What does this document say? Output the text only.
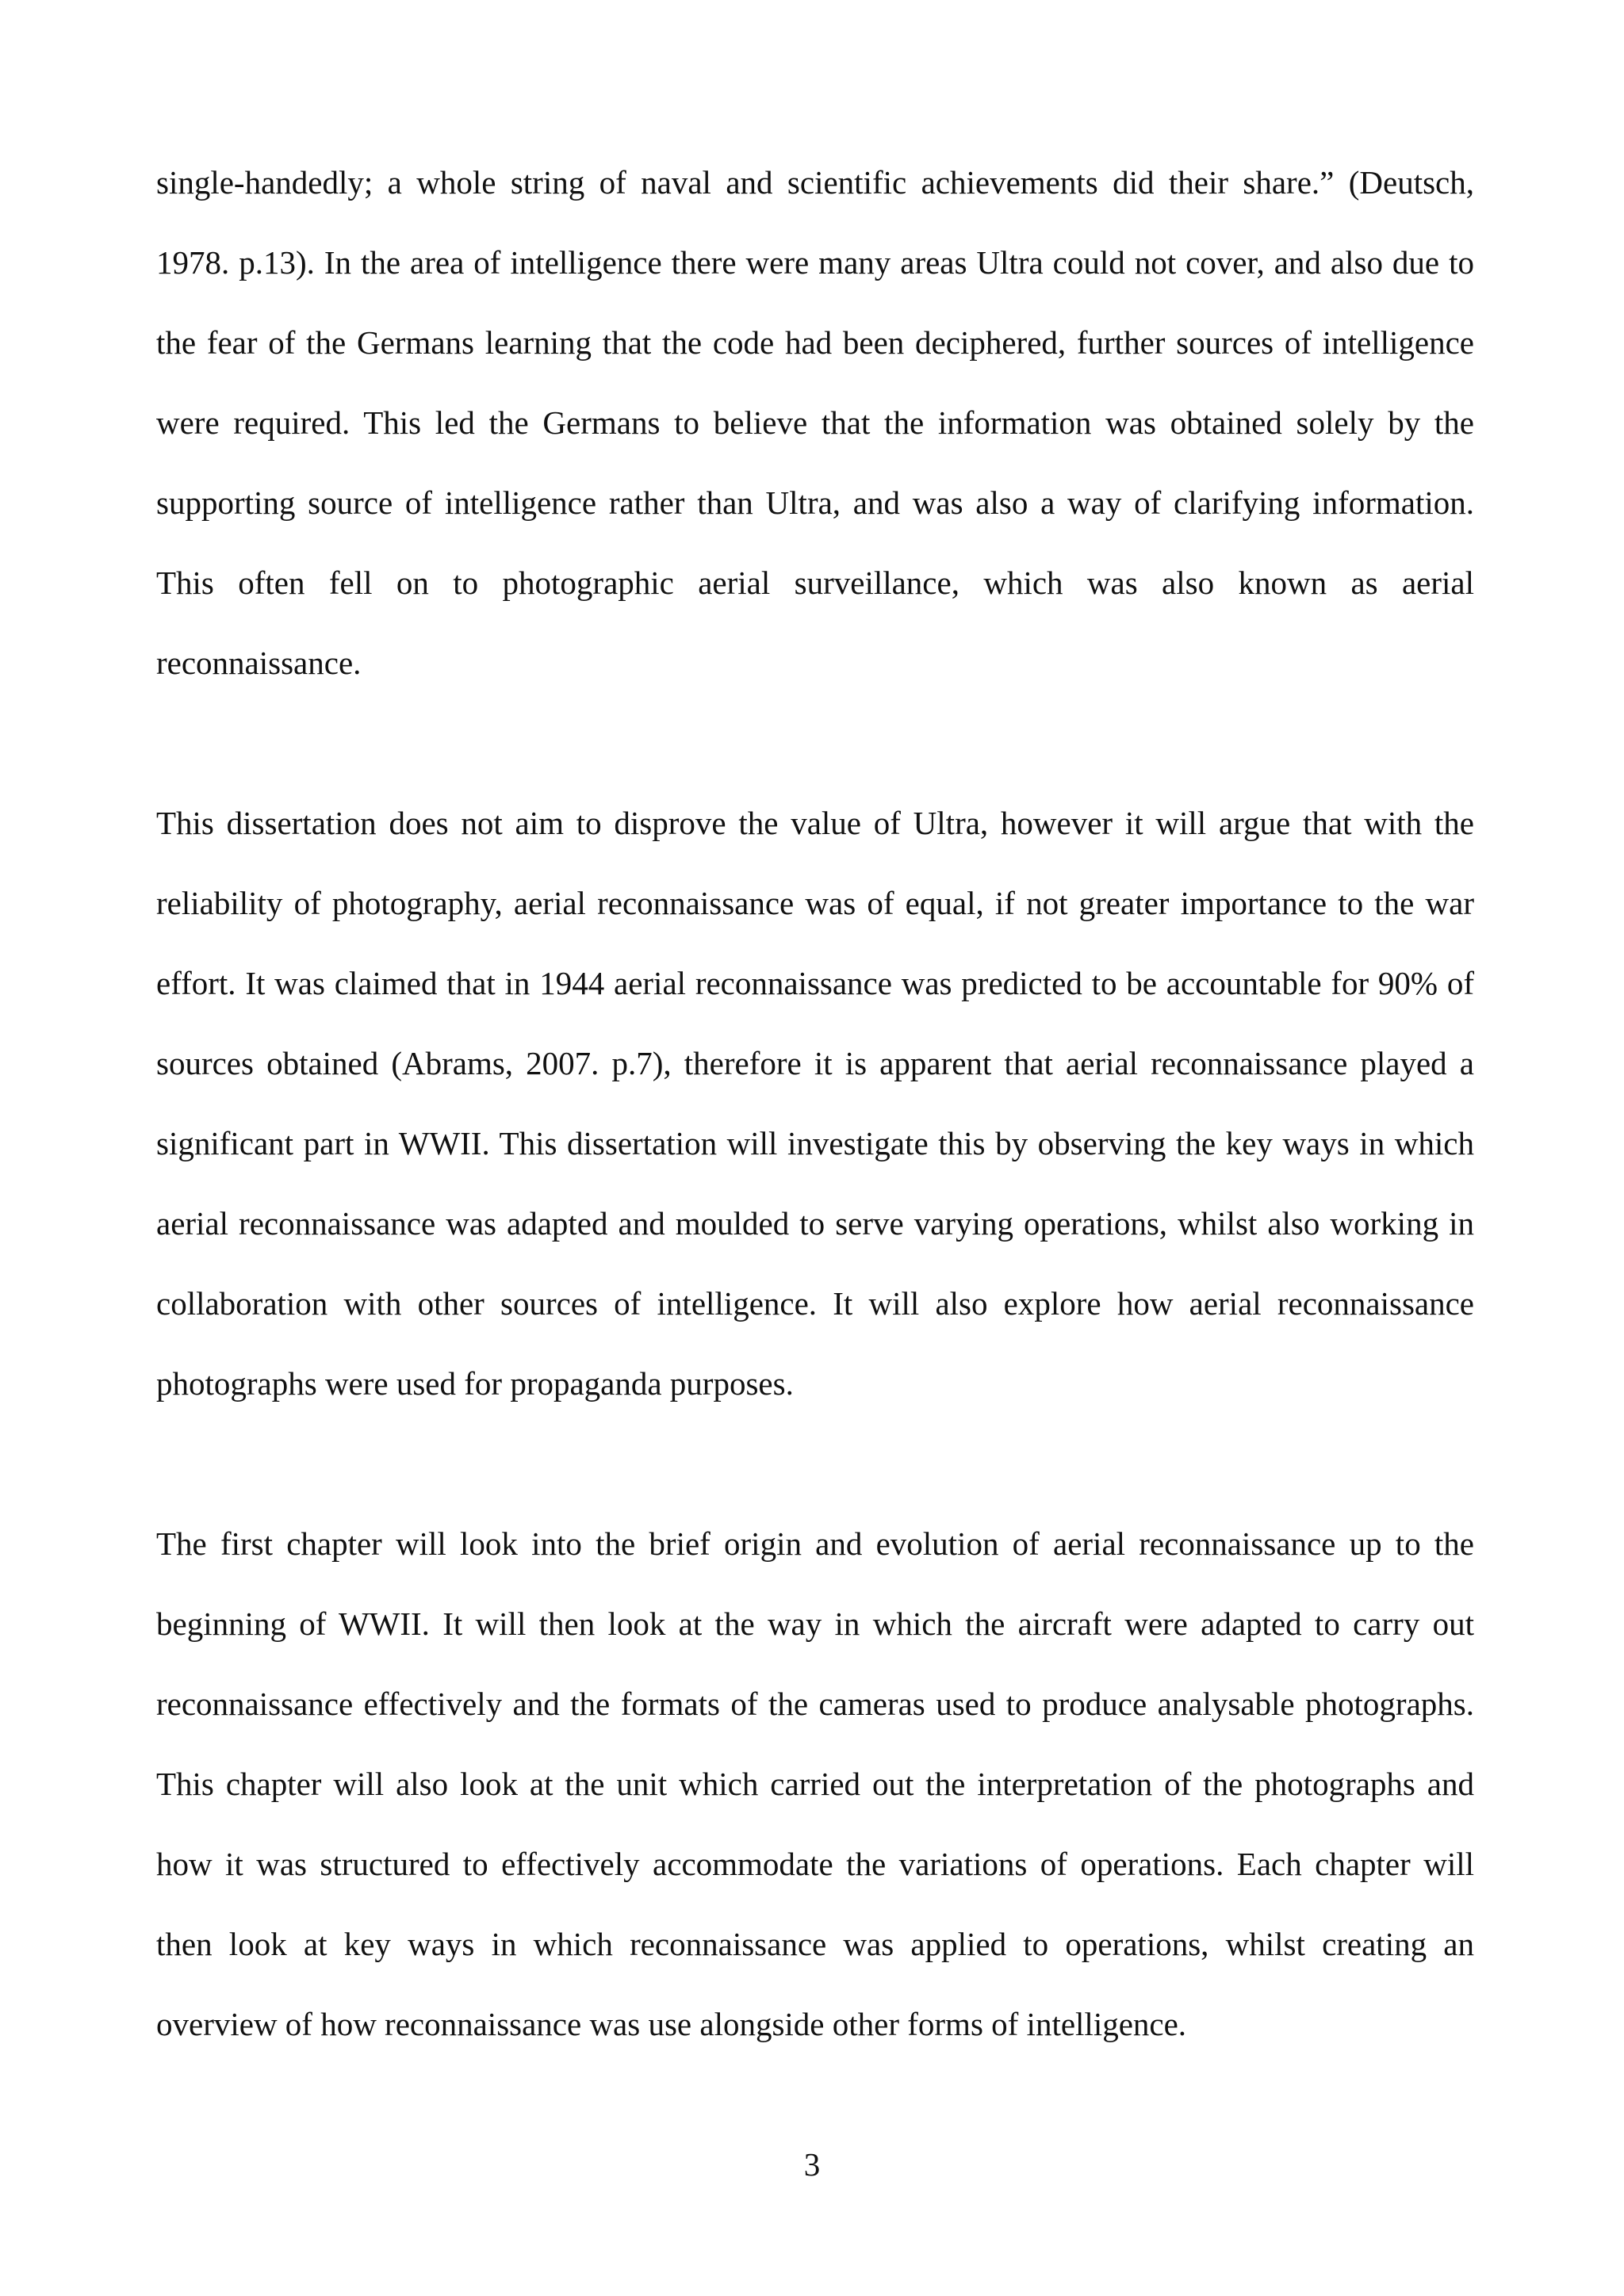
single-handedly; a whole string of naval and scientific achievements did their share.” (Deutsch, 1978. p.13). In the area of intelligence there were many areas Ultra could not cover, and also due to the fear of the Germans learning that the code had been deciphered, further sources of intelligence were required. This led the Germans to believe that the information was obtained solely by the supporting source of intelligence rather than Ultra, and was also a way of clarifying information. This often fell on to photographic aerial surveillance, which was also known as aerial reconnaissance.

This dissertation does not aim to disprove the value of Ultra, however it will argue that with the reliability of photography, aerial reconnaissance was of equal, if not greater importance to the war effort. It was claimed that in 1944 aerial reconnaissance was predicted to be accountable for 90% of sources obtained (Abrams, 2007. p.7), therefore it is apparent that aerial reconnaissance played a significant part in WWII. This dissertation will investigate this by observing the key ways in which aerial reconnaissance was adapted and moulded to serve varying operations, whilst also working in collaboration with other sources of intelligence. It will also explore how aerial reconnaissance photographs were used for propaganda purposes.

The first chapter will look into the brief origin and evolution of aerial reconnaissance up to the beginning of WWII. It will then look at the way in which the aircraft were adapted to carry out reconnaissance effectively and the formats of the cameras used to produce analysable photographs. This chapter will also look at the unit which carried out the interpretation of the photographs and how it was structured to effectively accommodate the variations of operations. Each chapter will then look at key ways in which reconnaissance was applied to operations, whilst creating an overview of how reconnaissance was use alongside other forms of intelligence.

3
